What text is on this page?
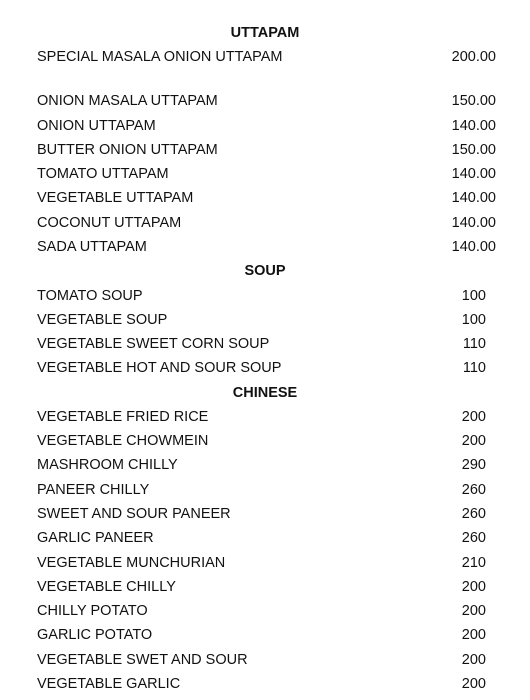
UTTAPAM
SPECIAL MASALA ONION UTTAPAM	200.00
ONION MASALA UTTAPAM	150.00
ONION UTTAPAM	140.00
BUTTER ONION UTTAPAM	150.00
TOMATO UTTAPAM	140.00
VEGETABLE UTTAPAM	140.00
COCONUT UTTAPAM	140.00
SADA UTTAPAM	140.00
SOUP
TOMATO SOUP	100
VEGETABLE SOUP	100
VEGETABLE SWEET CORN SOUP	110
VEGETABLE HOT AND SOUR SOUP	110
CHINESE
VEGETABLE FRIED RICE	200
VEGETABLE CHOWMEIN	200
MASHROOM CHILLY	290
PANEER CHILLY	260
SWEET AND SOUR PANEER	260
GARLIC PANEER	260
VEGETABLE MUNCHURIAN	210
VEGETABLE CHILLY	200
CHILLY POTATO	200
GARLIC POTATO	200
VEGETABLE SWET AND SOUR	200
VEGETABLE GARLIC	200
